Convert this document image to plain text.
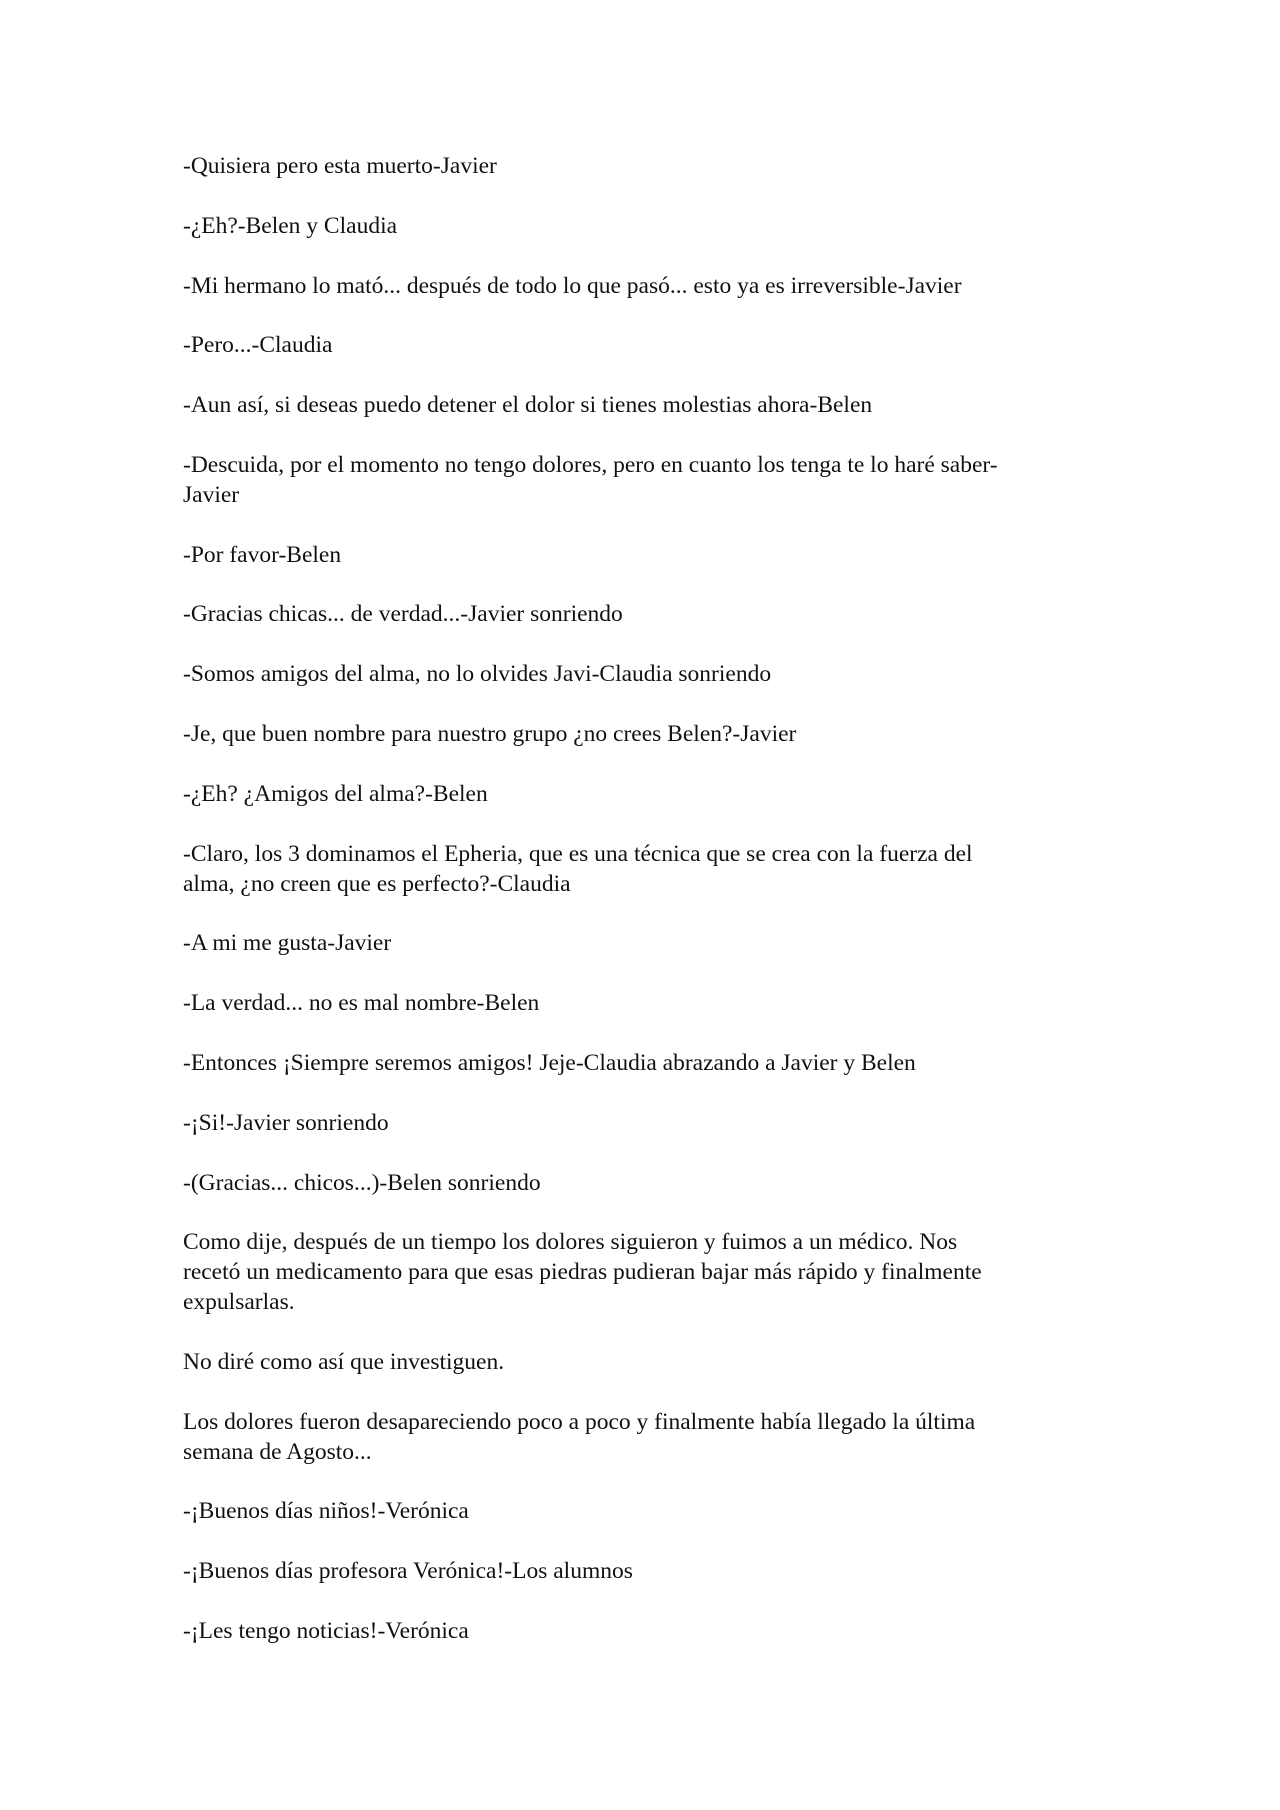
-Quisiera pero esta muerto-Javier

-¿Eh?-Belen y Claudia

-Mi hermano lo mató... después de todo lo que pasó... esto ya es irreversible-Javier

-Pero...-Claudia

-Aun así, si deseas puedo detener el dolor si tienes molestias ahora-Belen

-Descuida, por el momento no tengo dolores, pero en cuanto los tenga te lo haré saber-
Javier

-Por favor-Belen

-Gracias chicas... de verdad...-Javier sonriendo

-Somos amigos del alma, no lo olvides Javi-Claudia sonriendo

-Je, que buen nombre para nuestro grupo ¿no crees Belen?-Javier

-¿Eh? ¿Amigos del alma?-Belen

-Claro, los 3 dominamos el Epheria, que es una técnica que se crea con la fuerza del
alma, ¿no creen que es perfecto?-Claudia

-A mi me gusta-Javier

-La verdad... no es mal nombre-Belen

-Entonces ¡Siempre seremos amigos! Jeje-Claudia abrazando a Javier y Belen

-¡Si!-Javier sonriendo

-(Gracias... chicos...)-Belen sonriendo

Como dije, después de un tiempo los dolores siguieron y fuimos a un médico. Nos
recetó un medicamento para que esas piedras pudieran bajar más rápido y finalmente
expulsarlas.

No diré como así que investiguen.

Los dolores fueron desapareciendo poco a poco y finalmente había llegado la última
semana de Agosto...

-¡Buenos días niños!-Verónica

-¡Buenos días profesora Verónica!-Los alumnos

-¡Les tengo noticias!-Verónica
